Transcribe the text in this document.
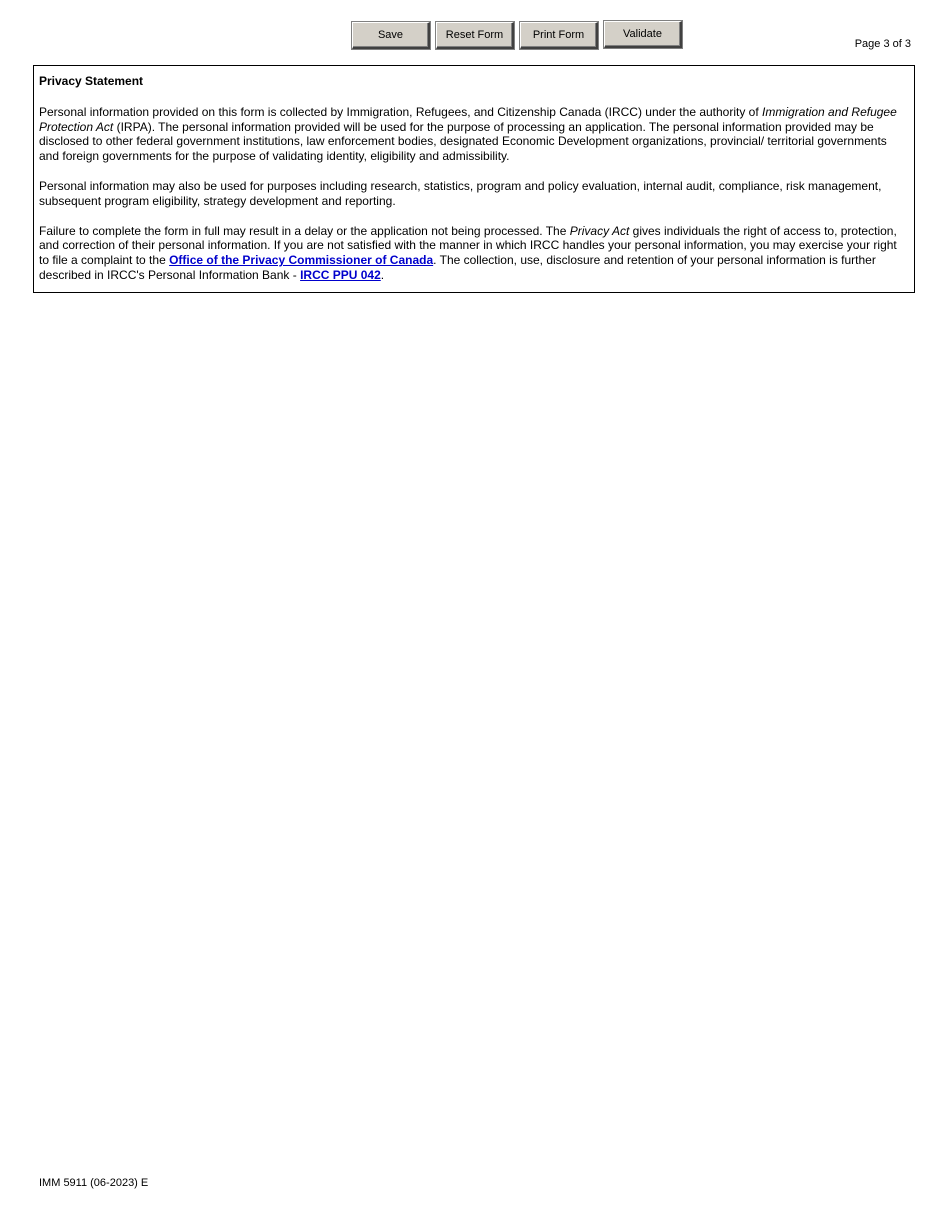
Save	Reset Form	Print Form	Validate
Page 3 of 3
Privacy Statement

Personal information provided on this form is collected by Immigration, Refugees, and Citizenship Canada (IRCC) under the authority of Immigration and Refugee Protection Act (IRPA). The personal information provided will be used for the purpose of processing an application. The personal information provided may be disclosed to other federal government institutions, law enforcement bodies, designated Economic Development organizations, provincial/ territorial governments and foreign governments for the purpose of validating identity, eligibility and admissibility.

Personal information may also be used for purposes including research, statistics, program and policy evaluation, internal audit, compliance, risk management, subsequent program eligibility, strategy development and reporting.

Failure to complete the form in full may result in a delay or the application not being processed. The Privacy Act gives individuals the right of access to, protection, and correction of their personal information. If you are not satisfied with the manner in which IRCC handles your personal information, you may exercise your right to file a complaint to the Office of the Privacy Commissioner of Canada. The collection, use, disclosure and retention of your personal information is further described in IRCC's Personal Information Bank - IRCC PPU 042.

IMM 5911 (06-2023) E
